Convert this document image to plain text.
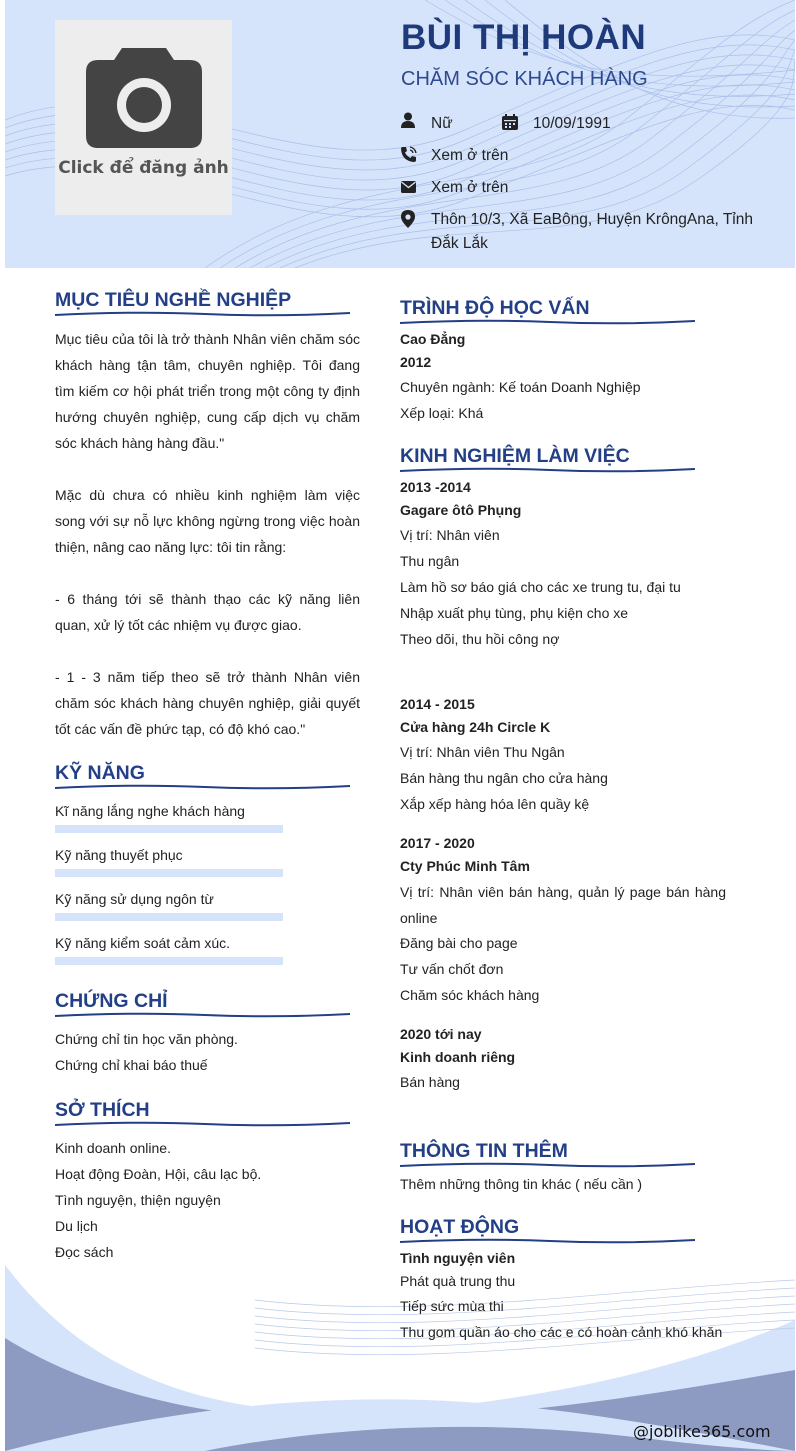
Click để đăng ảnh
BÙI THỊ HOÀN
CHĂM SÓC KHÁCH HÀNG
Nữ	10/09/1991
Xem ở trên
Xem ở trên
Thôn 10/3, Xã EaBông, Huyện KrôngAna, Tỉnh
Đắk Lắk
MỤC TIÊU NGHỀ NGHIỆP

Mục tiêu của tôi là trở thành Nhân viên chăm sóc khách hàng tận tâm, chuyên nghiệp. Tôi đang tìm kiếm cơ hội phát triển trong một công ty định hướng chuyên nghiệp, cung cấp dịch vụ chăm sóc khách hàng hàng đầu."

Mặc dù chưa có nhiều kinh nghiệm làm việc song với sự nỗ lực không ngừng trong việc hoàn thiện, nâng cao năng lực: tôi tin rằng:

- 6 tháng tới sẽ thành thạo các kỹ năng liên quan, xử lý tốt các nhiệm vụ được giao.

- 1 - 3 năm tiếp theo sẽ trở thành Nhân viên chăm sóc khách hàng chuyên nghiệp, giải quyết tốt các vấn đề phức tạp, có độ khó cao."

KỸ NĂNG
Kĩ năng lắng nghe khách hàng
Kỹ năng thuyết phục
Kỹ năng sử dụng ngôn từ
Kỹ năng kiểm soát cảm xúc.
CHỨNG CHỈ
Chứng chỉ tin học văn phòng.
Chứng chỉ khai báo thuế
SỞ THÍCH
Kinh doanh online.
Hoạt động Đoàn, Hội, câu lạc bộ.
Tình nguyện, thiện nguyện
Du lịch
Đọc sách
TRÌNH ĐỘ HỌC VẤN
Cao Đẳng
2012
Chuyên ngành: Kế toán Doanh Nghiệp
Xếp loại: Khá
KINH NGHIỆM LÀM VIỆC
2013 -2014
Gagare ôtô Phụng
Vị trí: Nhân viên
Thu ngân
Làm hồ sơ báo giá cho các xe trung tu, đại tu
Nhập xuất phụ tùng, phụ kiện cho xe
Theo dõi, thu hồi công nợ
2014 - 2015
Cửa hàng 24h Circle K
Vị trí: Nhân viên Thu Ngân
Bán hàng thu ngân cho cửa hàng
Xắp xếp hàng hóa lên quầy kệ
2017 - 2020
Cty Phúc Minh Tâm
Vị trí: Nhân viên bán hàng, quản lý page bán hàng online
Đăng bài cho page
Tư vấn chốt đơn
Chăm sóc khách hàng
2020 tới nay
Kinh doanh riêng
Bán hàng
THÔNG TIN THÊM
Thêm những thông tin khác ( nếu cần )
HOẠT ĐỘNG
Tình nguyện viên
Phát quà trung thu
Tiếp sức mùa thi
Thu gom quần áo cho các e có hoàn cảnh khó khăn
@joblike365.com
